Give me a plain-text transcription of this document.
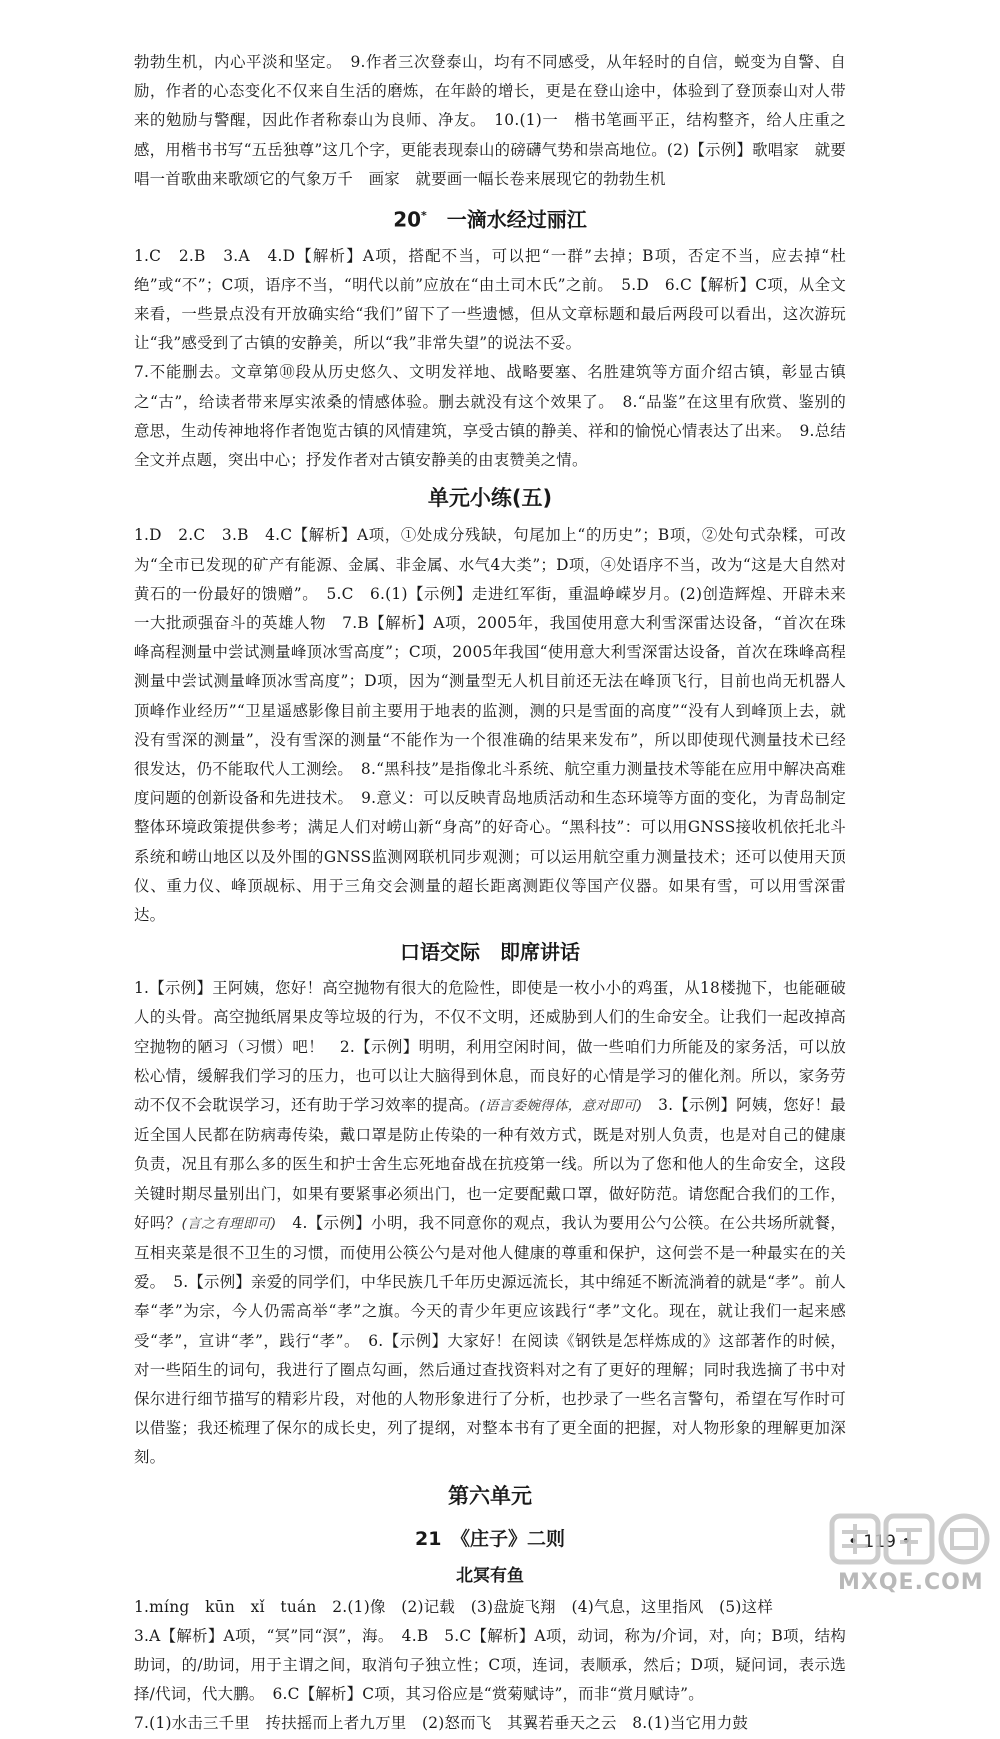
勃勃生机，内心平淡和坚定。　9.作者三次登泰山，均有不同感受，从年轻时的自信，蜕变为自警、自励，作者的心态变化不仅来自生活的磨炼，在年龄的增长，更是在登山途中，体验到了登顶泰山对人带来的勉励与警醒，因此作者称泰山为良师、净友。　10.(1)一　楷书笔画平正，结构整齐，给人庄重之感，用楷书书写“五岳独尊”这几个字，更能表现泰山的磅礴气势和崇高地位。(2)【示例】歌唱家　就要唱一首歌曲来歌颂它的气象万千　画家　就要画一幅长卷来展现它的勃勃生机

20*　 一滴水经过丽江

1.C　2.B　3.A　4.D【解析】A项，搭配不当，可以把“一群”去掉；B项，否定不当，应去掉“杜绝”或“不”；C项，语序不当，“明代以前”应放在“由土司木氏”之前。　5.D　6.C【解析】C项，从全文来看，一些景点没有开放确实给“我们”留下了一些遗憾，但从文章标题和最后两段可以看出，这次游玩让“我”感受到了古镇的安静美，所以“我”非常失望”的说法不妥。

7.不能删去。文章第⑩段从历史悠久、文明发祥地、战略要塞、名胜建筑等方面介绍古镇，彰显古镇之“古”，给读者带来厚实浓桑的情感体验。删去就没有这个效果了。　8.“品鉴”在这里有欣赏、鉴别的意思，生动传神地将作者饱览古镇的风情建筑，享受古镇的静美、祥和的愉悦心情表达了出来。　9.总结全文并点题，突出中心；抒发作者对古镇安静美的由衷赞美之情。

单元小练(五)

1.D　2.C　3.B　4.C【解析】A项，①处成分残缺，句尾加上“的历史”；B项，②处句式杂糅，可改为“全市已发现的矿产有能源、金属、非金属、水气4大类”；D项，④处语序不当，改为“这是大自然对黄石的一份最好的馈赠”。　5.C　6.(1)【示例】走进红军街，重温峥嵘岁月。(2)创造辉煌、开辟未来　一大批顽强奋斗的英雄人物　7.B【解析】A项，2005年，我国使用意大利雪深雷达设备，“首次在珠峰高程测量中尝试测量峰顶冰雪高度”；C项，2005年我国“使用意大利雪深雷达设备，首次在珠峰高程测量中尝试测量峰顶冰雪高度”；D项，因为“测量型无人机目前还无法在峰顶飞行，目前也尚无机器人顶峰作业经历”“卫星遥感影像目前主要用于地表的监测，测的只是雪面的高度”“没有人到峰顶上去，就没有雪深的测量”，没有雪深的测量“不能作为一个很准确的结果来发布”，所以即使现代测量技术已经很发达，仍不能取代人工测绘。　8.“黑科技”是指像北斗系统、航空重力测量技术等能在应用中解决高难度问题的创新设备和先进技术。　9.意义：可以反映青岛地质活动和生态环境等方面的变化，为青岛制定整体环境政策提供参考；满足人们对崂山新“身高”的好奇心。“黑科技”：可以用GNSS接收机依托北斗系统和崂山地区以及外围的GNSS监测网联机同步观测；可以运用航空重力测量技术；还可以使用天顶仪、重力仪、峰顶觇标、用于三角交会测量的超长距离测距仪等国产仪器。如果有雪，可以用雪深雷达。

口语交际　即席讲话

1.【示例】王阿姨，您好！高空抛物有很大的危险性，即使是一枚小小的鸡蛋，从18楼抛下，也能砸破人的头骨。高空抛纸屑果皮等垃圾的行为，不仅不文明，还威胁到人们的生命安全。让我们一起改掉高空抛物的陋习（习惯）吧！　2.【示例】明明，利用空闲时间，做一些咱们力所能及的家务活，可以放松心情，缓解我们学习的压力，也可以让大脑得到休息，而良好的心情是学习的催化剂。所以，家务劳动不仅不会耽误学习，还有助于学习效率的提高。(语言委婉得体，意对即可)　3.【示例】阿姨，您好！最近全国人民都在防病毒传染，戴口罩是防止传染的一种有效方式，既是对别人负责，也是对自己的健康负责，况且有那么多的医生和护士舍生忘死地奋战在抗疫第一线。所以为了您和他人的生命安全，这段关键时期尽量别出门，如果有要紧事必须出门，也一定要配戴口罩，做好防范。请您配合我们的工作，好吗？(言之有理即可)　4.【示例】小明，我不同意你的观点，我认为要用公勺公筷。在公共场所就餐，互相夹菜是很不卫生的习惯，而使用公筷公勺是对他人健康的尊重和保护，这何尝不是一种最实在的关爱。　5.【示例】亲爱的同学们，中华民族几千年历史源远流长，其中绵延不断流淌着的就是“孝”。前人奉“孝”为宗，今人仍需高举“孝”之旗。今天的青少年更应该践行“孝”文化。现在，就让我们一起来感受“孝”，宣讲“孝”，践行“孝”。　6.【示例】大家好！在阅读《钢铁是怎样炼成的》这部著作的时候，对一些陌生的词句，我进行了圈点勾画，然后通过查找资料对之有了更好的理解；同时我选摘了书中对保尔进行细节描写的精彩片段，对他的人物形象进行了分析，也抄录了一些名言警句，希望在写作时可以借鉴；我还梳理了保尔的成长史，列了提纲，对整本书有了更全面的把握，对人物形象的理解更加深刻。

第六单元
21　《庄子》二则
北冥有鱼

1.míng　kūn　xǐ　tuán　2.(1)像　(2)记载　(3)盘旋飞翔　(4)气息，这里指风　(5)这样

3.A【解析】A项，“冥”同“溟”，海。　4.B　5.C【解析】A项，动词，称为/介词，对，向；B项，结构助词，的/助词，用于主谓之间，取消句子独立性；C项，连词，表顺承，然后；D项，疑问词，表示选择/代词，代大鹏。　6.C【解析】C项，其习俗应是“赏菊赋诗”，而非“赏月赋诗”。

7.(1)水击三千里　抟扶摇而上者九万里　(2)怒而飞　其翼若垂天之云　8.(1)当它用力鼓

• 119 •
MXQE.COM
